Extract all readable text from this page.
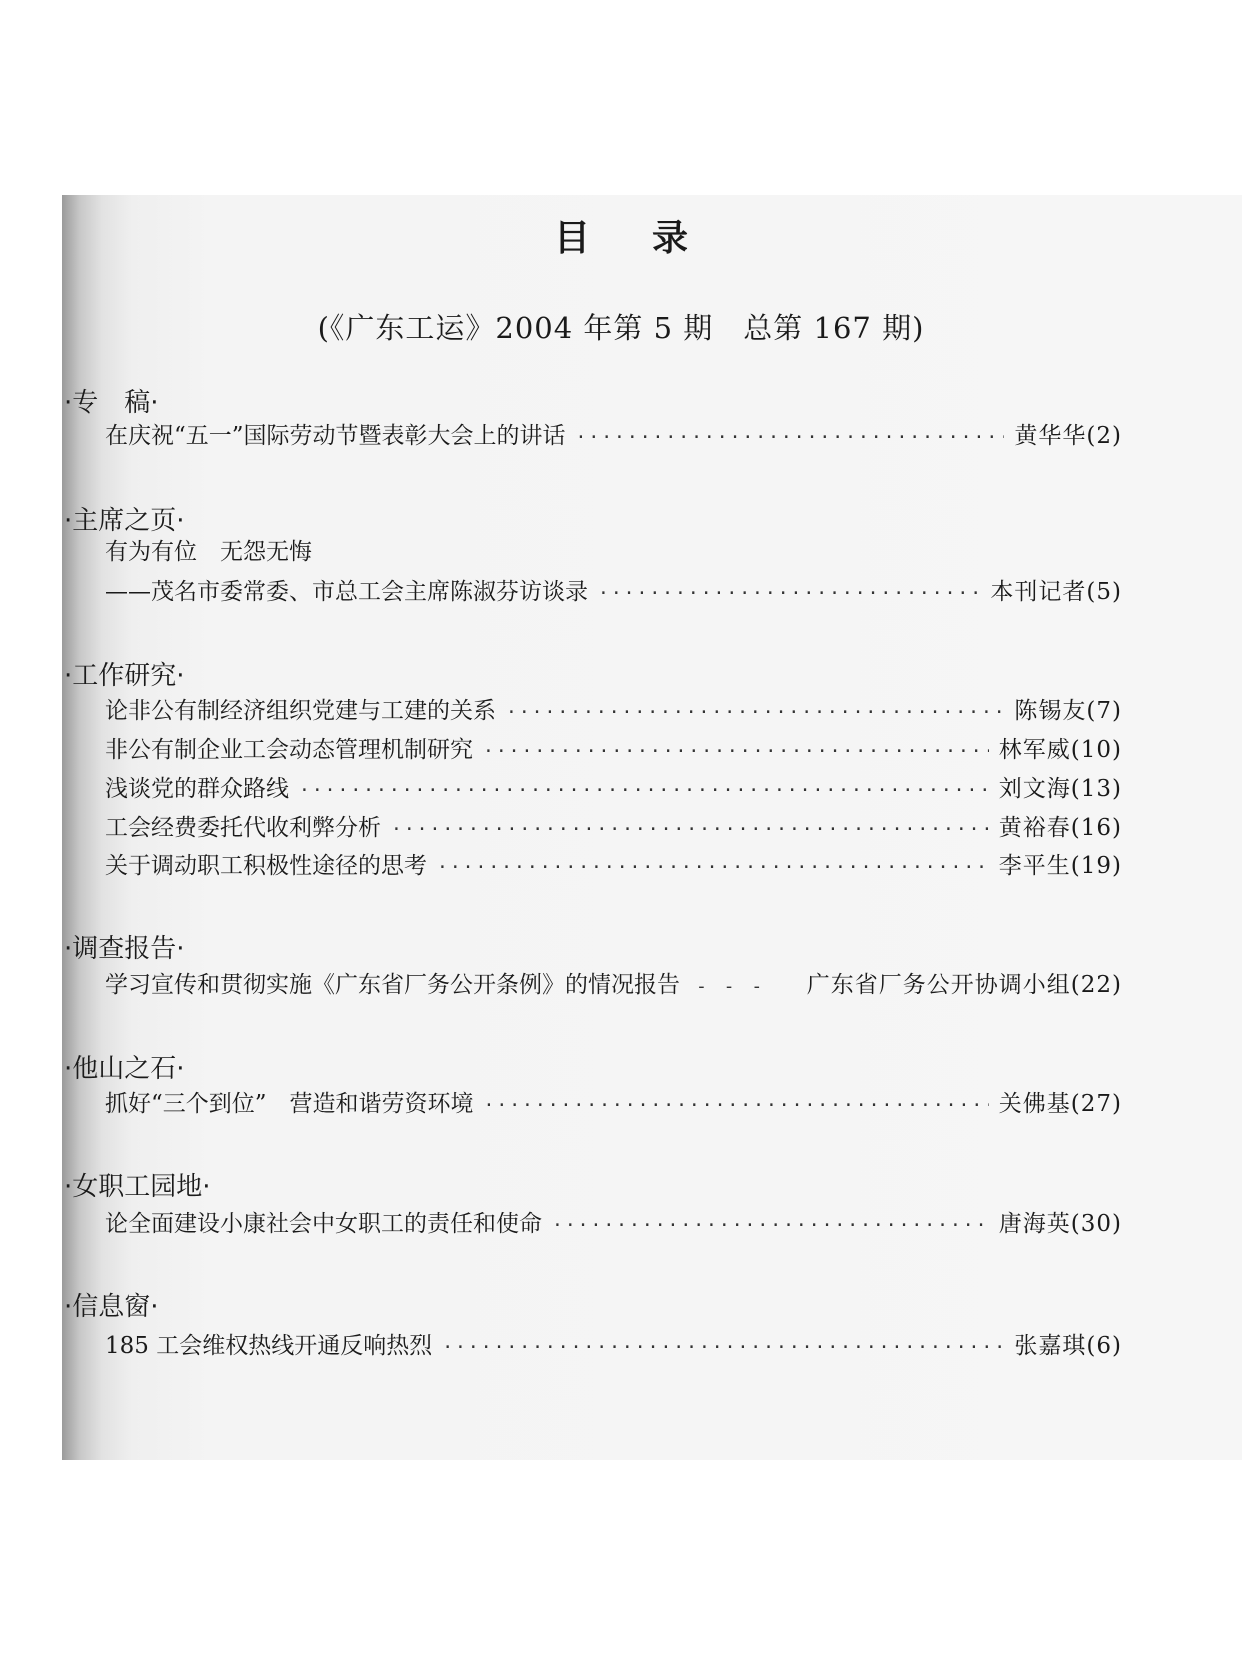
目录
(《广东工运》2004 年第 5 期　总第 167 期)
·专　稿·
在庆祝“五一”国际劳动节暨表彰大会上的讲话 ·····	黄华华(2)
·主席之页·
有为有位　无怨无悔
——茂名市委常委、市总工会主席陈淑芬访谈录 ·····	本刊记者(5)
·工作研究·
论非公有制经济组织党建与工建的关系 ·····	陈锡友(7)
非公有制企业工会动态管理机制研究 ·····	林军威(10)
浅谈党的群众路线 ·····	刘文海(13)
工会经费委托代收利弊分析 ·····	黄裕春(16)
关于调动职工积极性途径的思考 ·····	李平生(19)
·调查报告·
学习宣传和贯彻实施《广东省厂务公开条例》的情况报告 - - -	广东省厂务公开协调小组(22)
·他山之石·
抓好“三个到位”　营造和谐劳资环境 ·····	关佛基(27)
·女职工园地·
论全面建设小康社会中女职工的责任和使命 ·····	唐海英(30)
·信息窗·
185 工会维权热线开通反响热烈 ·····	张嘉琪(6)
